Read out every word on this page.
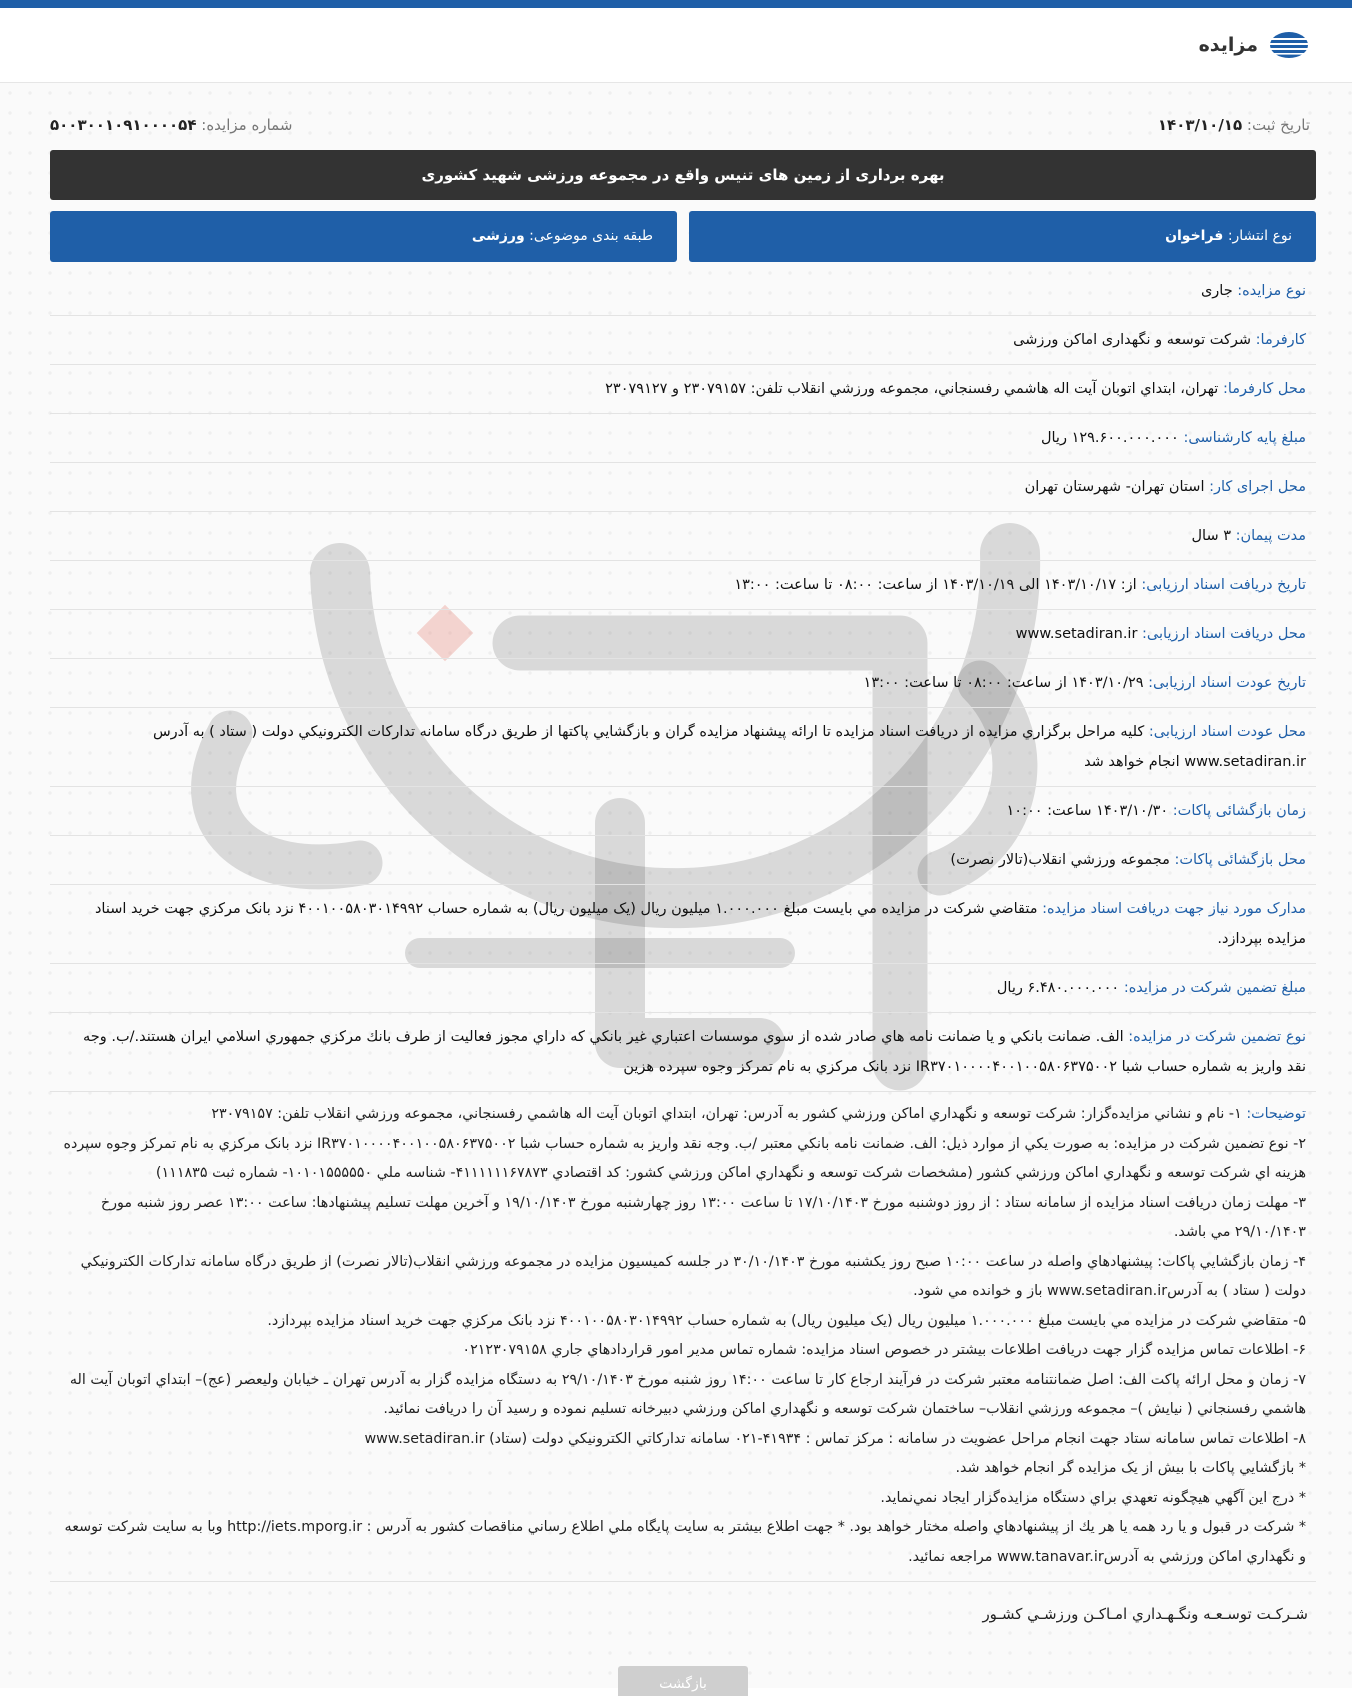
مزایده
تاریخ ثبت: ۱۴۰۳/۱۰/۱۵
شماره مزایده: ۵۰۰۳۰۰۱۰۹۱۰۰۰۰۵۴
بهره برداری از زمین های تنیس واقع در مجموعه ورزشی شهید کشوری
نوع انتشار: فراخوان
طبقه بندی موضوعی: ورزشی
نوع مزایده: جاری
کارفرما: شرکت توسعه و نگهداری اماکن ورزشی
محل کارفرما: تهران، ابتداي اتوبان آيت اله هاشمي رفسنجاني، مجموعه ورزشي انقلاب تلفن: ۲۳۰۷۹۱۵۷ و ۲۳۰۷۹۱۲۷
مبلغ پایه کارشناسی: ۱۲۹.۶۰۰.۰۰۰.۰۰۰ ریال
محل اجرای کار: استان تهران- شهرستان تهران
مدت پیمان: ۳ سال
تاریخ دریافت اسناد ارزیابی: از: ۱۴۰۳/۱۰/۱۷ الی ۱۴۰۳/۱۰/۱۹ از ساعت: ۰۸:۰۰ تا ساعت: ۱۳:۰۰
محل دریافت اسناد ارزیابی: www.setadiran.ir
تاریخ عودت اسناد ارزیابی: ۱۴۰۳/۱۰/۲۹ از ساعت: ۰۸:۰۰ تا ساعت: ۱۳:۰۰
محل عودت اسناد ارزیابی: کليه مراحل برگزاري مزايده از دريافت اسناد مزايده تا ارائه پيشنهاد مزايده گران و بازگشايي پاکتها از طريق درگاه سامانه تداركات الكترونيكي دولت ( ستاد ) به آدرس www.setadiran.ir انجام خواهد شد
زمان بازگشائی پاکات: ۱۴۰۳/۱۰/۳۰ ساعت: ۱۰:۰۰
محل بازگشائی پاکات: مجموعه ورزشي انقلاب(تالار نصرت)
مدارک مورد نیاز جهت دریافت اسناد مزایده: متقاضي شرکت در مزايده مي بايست مبلغ ۱.۰۰۰.۰۰۰ ميليون ريال (يک ميليون ريال) به شماره حساب ۴۰۰۱۰۰۵۸۰۳۰۱۴۹۹۲ نزد بانک مرکزي جهت خريد اسناد مزايده بپردازد.
مبلغ تضمین شرکت در مزایده: ۶.۴۸۰.۰۰۰.۰۰۰ ریال
نوع تضمین شرکت در مزایده: الف. ضمانت بانكي و يا ضمانت نامه هاي صادر شده از سوي موسسات اعتباري غير بانكي كه داراي مجوز فعاليت از طرف بانك مركزي جمهوري اسلامي ايران هستند./ب. وجه نقد واريز به شماره حساب شبا IR۳۷۰۱۰۰۰۰۴۰۰۱۰۰۵۸۰۶۳۷۵۰۰۲ نزد بانک مرکزي به نام تمرکز وجوه سپرده هزين

توضیحات: ۱- نام و نشاني مزايده‌گزار: شرکت توسعه و نگهداري اماکن ورزشي کشور به آدرس: تهران، ابتداي اتوبان آيت اله هاشمي رفسنجاني، مجموعه ورزشي انقلاب تلفن: ۲۳۰۷۹۱۵۷

۲- نوع تضمين شرکت در مزايده: به صورت يکي از موارد ذيل: الف. ضمانت نامه بانکي معتبر /ب. وجه نقد واريز به شماره حساب شبا IR۳۷۰۱۰۰۰۰۴۰۰۱۰۰۵۸۰۶۳۷۵۰۰۲ نزد بانک مرکزي به نام تمرکز وجوه سپرده هزينه اي شرکت توسعه و نگهداري اماکن ورزشي کشور (مشخصات شرکت توسعه و نگهداري اماکن ورزشي کشور: کد اقتصادي ۴۱۱۱۱۱۱۶۷۸۷۳- شناسه ملي ۱۰۱۰۱۵۵۵۵۵۰- شماره ثبت ۱۱۱۸۳۵)

۳- مهلت زمان دريافت اسناد مزايده از سامانه ستاد : از روز دوشنبه مورخ ۱۷/۱۰/۱۴۰۳ تا ساعت ۱۳:۰۰ روز چهارشنبه مورخ ۱۹/۱۰/۱۴۰۳ و آخرين مهلت تسليم پيشنهادها: ساعت ۱۳:۰۰ عصر روز شنبه مورخ ۲۹/۱۰/۱۴۰۳ مي باشد.

۴- زمان بازگشايي پاکات: پيشنهادهاي واصله در ساعت ۱۰:۰۰ صبح روز يكشنبه مورخ ۳۰/۱۰/۱۴۰۳ در جلسه كميسيون مزايده در مجموعه ورزشي انقلاب(تالار نصرت) از طريق درگاه سامانه تداركات الكترونيكي دولت ( ستاد ) به آدرسwww.setadiran.ir باز و خوانده مي شود.

۵- متقاضي شرکت در مزايده مي بايست مبلغ ۱.۰۰۰.۰۰۰ ميليون ريال (يک ميليون ريال) به شماره حساب ۴۰۰۱۰۰۵۸۰۳۰۱۴۹۹۲ نزد بانک مرکزي جهت خريد اسناد مزايده بپردازد.

۶- اطلاعات تماس مزايده گزار جهت دريافت اطلاعات بيشتر در خصوص اسناد مزايده: شماره تماس مدير امور قراردادهاي جاري ۰۲۱۲۳۰۷۹۱۵۸

۷- زمان و محل ارائه پاکت الف: اصل ضمانتنامه معتبر شرکت در فرآيند ارجاع کار تا ساعت ۱۴:۰۰ روز شنبه مورخ ۲۹/۱۰/۱۴۰۳ به دستگاه مزايده گزار به آدرس تهران ـ خيابان وليعصر (عج)– ابتداي اتوبان آيت اله هاشمي رفسنجاني ( نيايش )– مجموعه ورزشي انقلاب– ساختمان شرکت توسعه و نگهداري اماکن ورزشي دبيرخانه تسليم نموده و رسيد آن را دريافت نمائيد.

۸- اطلاعات تماس سامانه ستاد جهت انجام مراحل عضويت در سامانه : مرکز تماس : ۴۱۹۳۴-۰۲۱ سامانه تداركاتي الكترونيكي دولت (ستاد) www.setadiran.ir

* بازگشايي پاکات با بيش از يک مزايده گر انجام خواهد شد.

* درج اين آگهي هيچگونه تعهدي براي دستگاه مزايده‌گزار ايجاد نمي‌نمايد.

* شرکت در قبول و يا رد همه يا هر يك از پيشنهادهاي واصله مختار خواهد بود. * جهت اطلاع بيشتر به سايت پايگاه ملي اطلاع رساني مناقصات كشور به آدرس : http://iets.mporg.ir وبا به سايت شرکت توسعه و نگهداري اماكن ورزشي به آدرسwww.tanavar.ir مراجعه نمائيد.

شـرکـت توسـعـه ونگـهـداري امـاکـن ورزشـي کشـور
بازگشت
